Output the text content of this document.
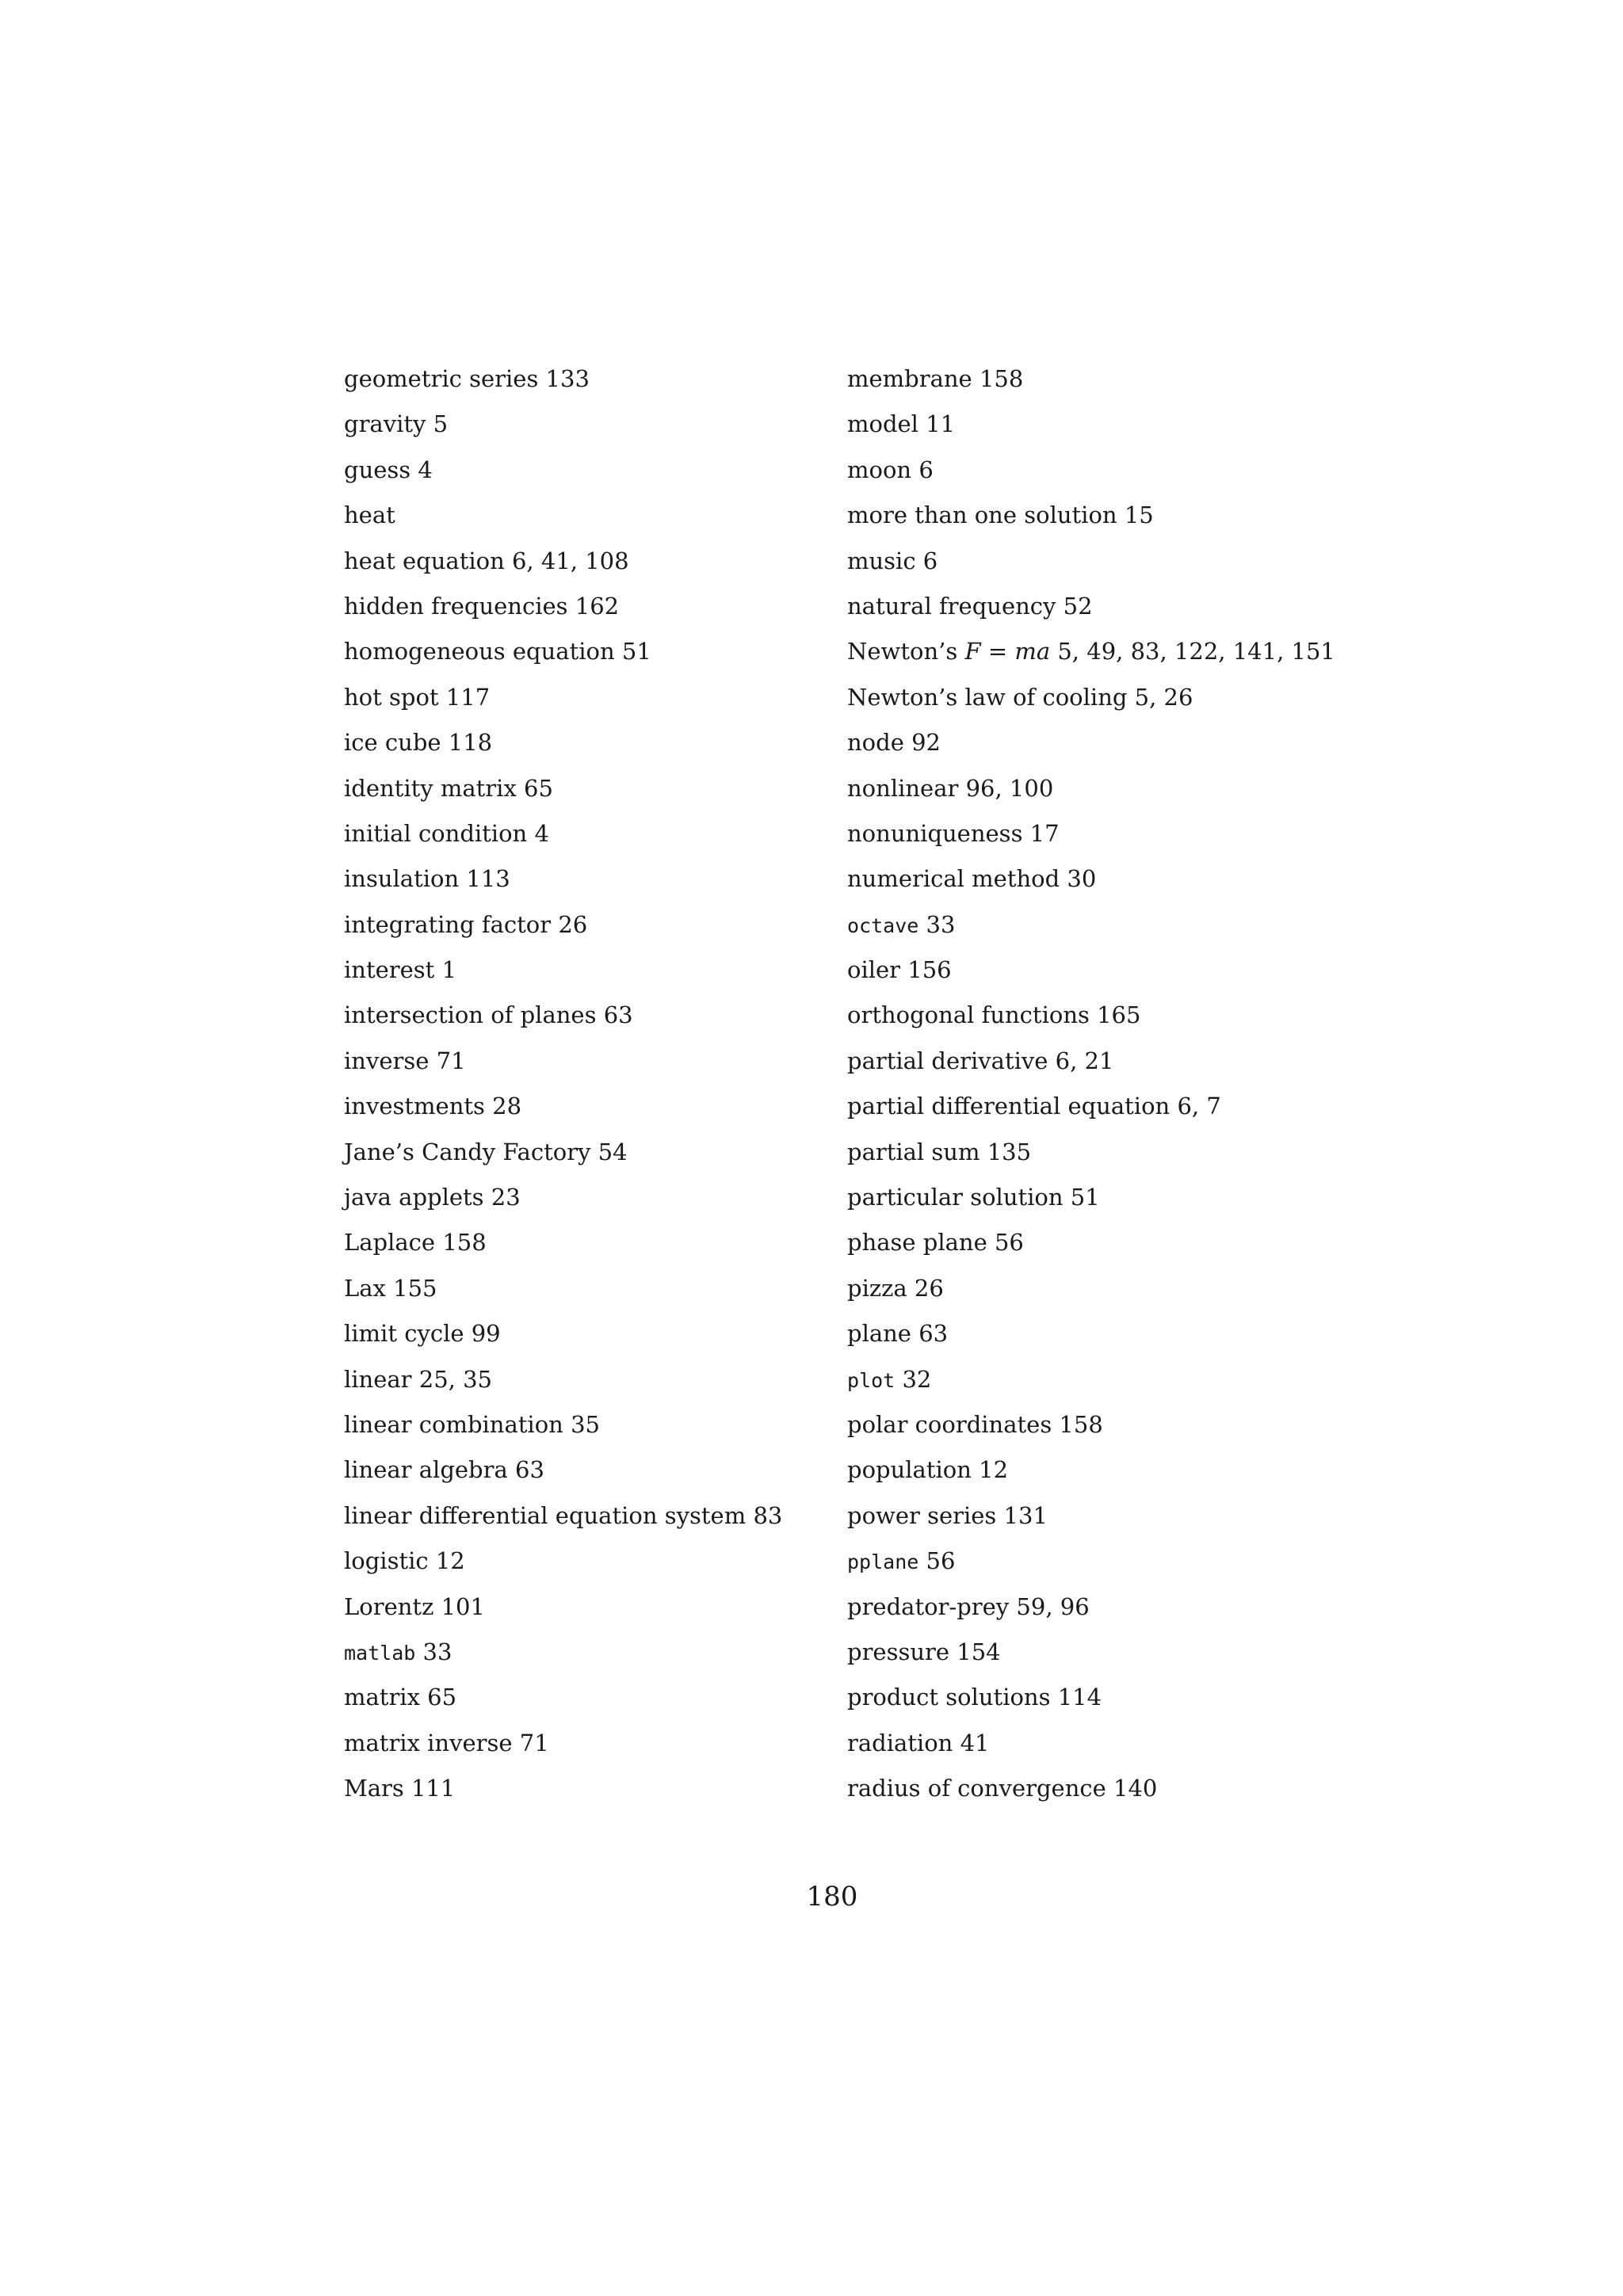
geometric series 133
gravity 5
guess 4
heat
heat equation 6, 41, 108
hidden frequencies 162
homogeneous equation 51
hot spot 117
ice cube 118
identity matrix 65
initial condition 4
insulation 113
integrating factor 26
interest 1
intersection of planes 63
inverse 71
investments 28
Jane’s Candy Factory 54
java applets 23
Laplace 158
Lax 155
limit cycle 99
linear 25, 35
linear combination 35
linear algebra 63
linear differential equation system 83
logistic 12
Lorentz 101
matlab 33
matrix 65
matrix inverse 71
Mars 111
membrane 158
model 11
moon 6
more than one solution 15
music 6
natural frequency 52
Newton’s F = ma 5, 49, 83, 122, 141, 151
Newton’s law of cooling 5, 26
node 92
nonlinear 96, 100
nonuniqueness 17
numerical method 30
octave 33
oiler 156
orthogonal functions 165
partial derivative 6, 21
partial differential equation 6, 7
partial sum 135
particular solution 51
phase plane 56
pizza 26
plane 63
plot 32
polar coordinates 158
population 12
power series 131
pplane 56
predator-prey 59, 96
pressure 154
product solutions 114
radiation 41
radius of convergence 140
180
